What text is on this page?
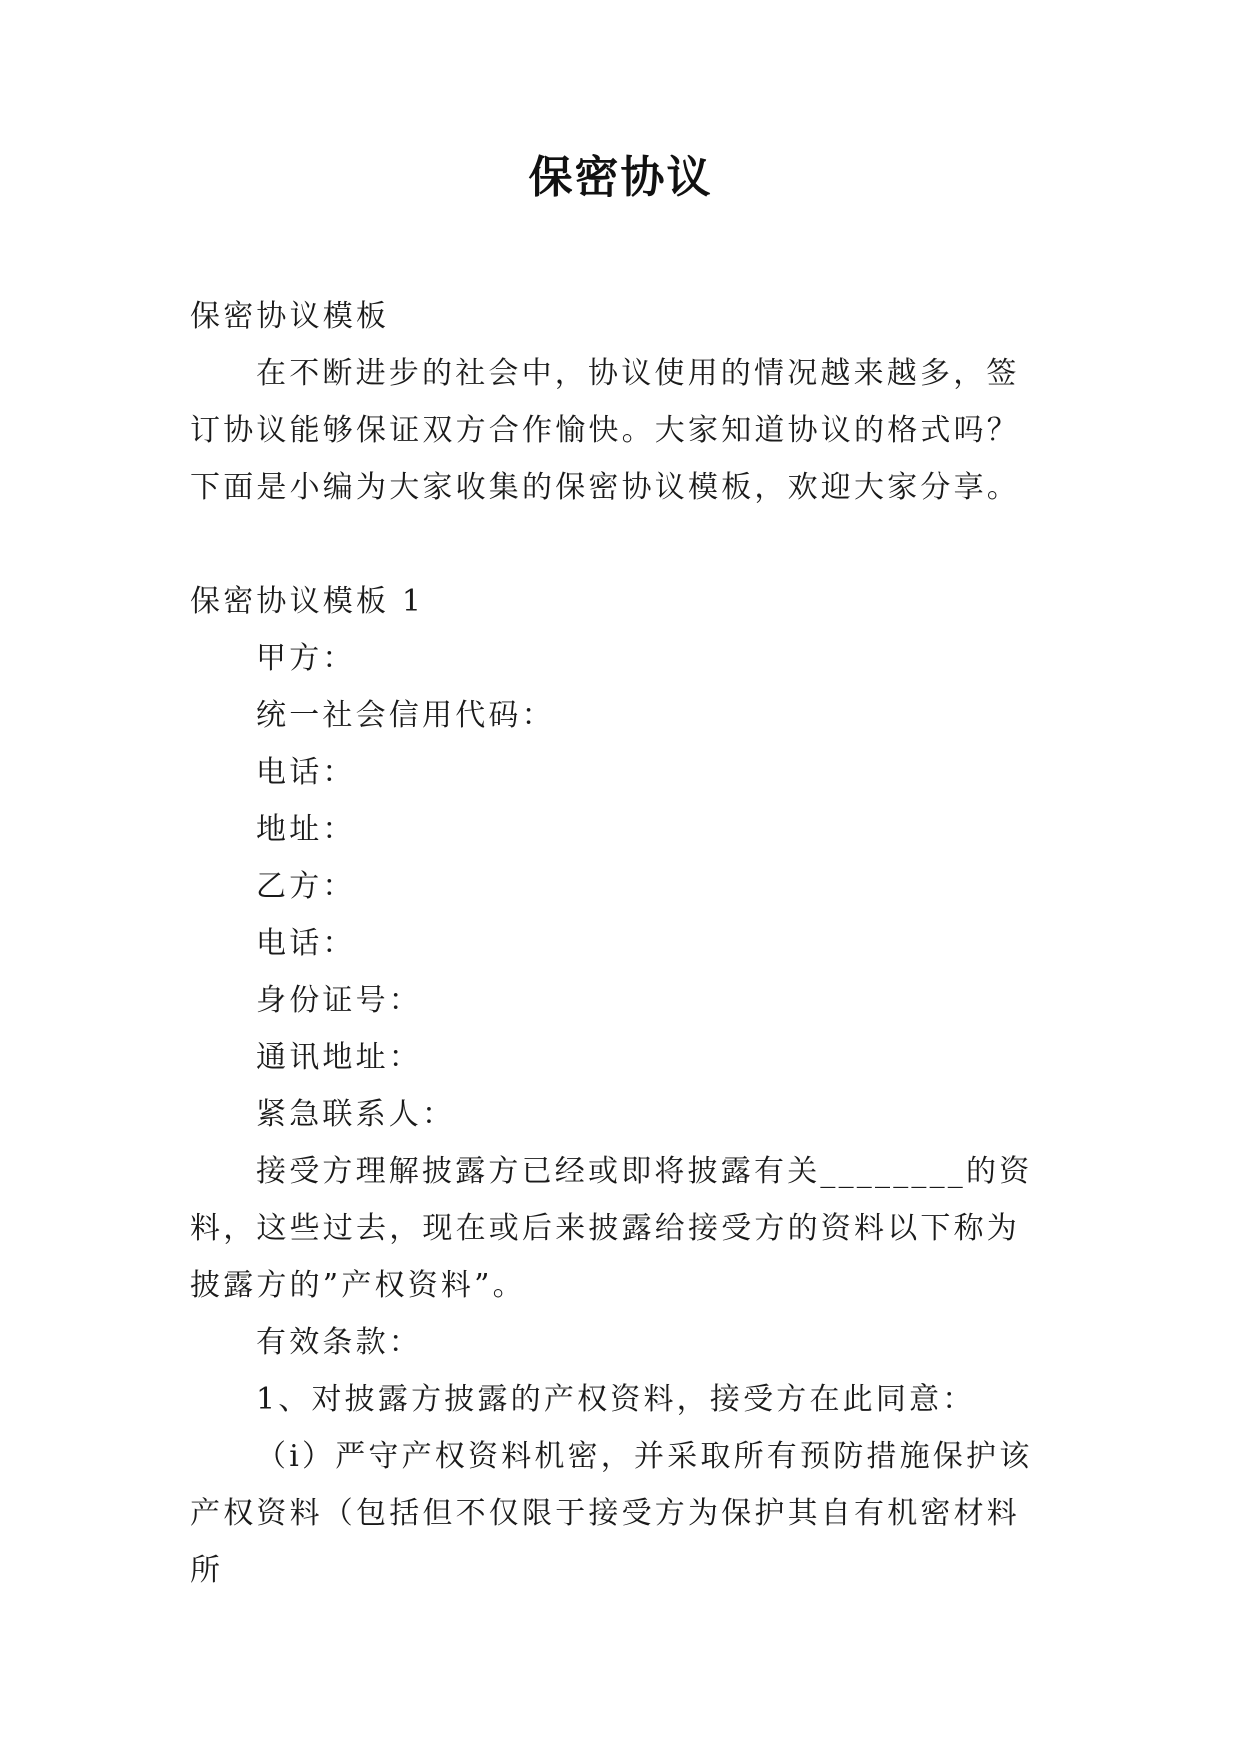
保密协议

保密协议模板

在不断进步的社会中，协议使用的情况越来越多，签订协议能够保证双方合作愉快。大家知道协议的格式吗？下面是小编为大家收集的保密协议模板，欢迎大家分享。

保密协议模板 1

甲方：

统一社会信用代码：

电话：

地址：

乙方：

电话：

身份证号：

通讯地址：

紧急联系人：

接受方理解披露方已经或即将披露有关________的资料，这些过去，现在或后来披露给接受方的资料以下称为披露方的”产权资料”。

有效条款：

1、对披露方披露的产权资料，接受方在此同意：

（i）严守产权资料机密，并采取所有预防措施保护该产权资料（包括但不仅限于接受方为保护其自有机密材料所
